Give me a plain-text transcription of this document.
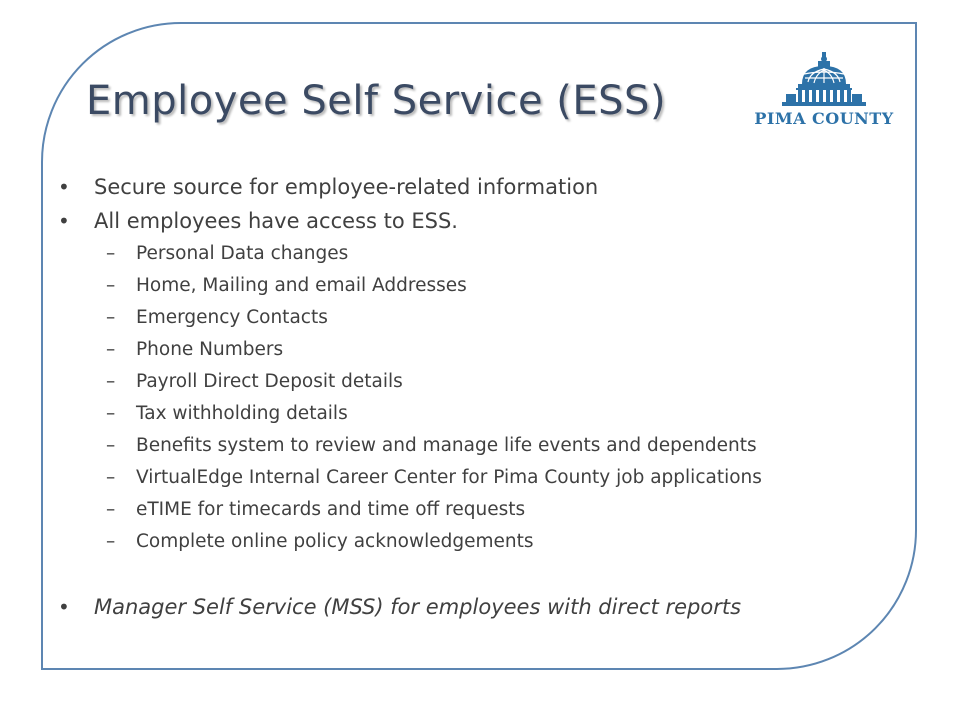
Employee Self Service (ESS)	PIMA COUNTY
• Secure source for employee-related information
• All employees have access to ESS.
– Personal Data changes
– Home, Mailing and email Addresses
– Emergency Contacts
– Phone Numbers
– Payroll Direct Deposit details
– Tax withholding details
– Benefits system to review and manage life events and dependents
– VirtualEdge Internal Career Center for Pima County job applications
– eTIME for timecards and time off requests
– Complete online policy acknowledgements
• Manager Self Service (MSS) for employees with direct reports
